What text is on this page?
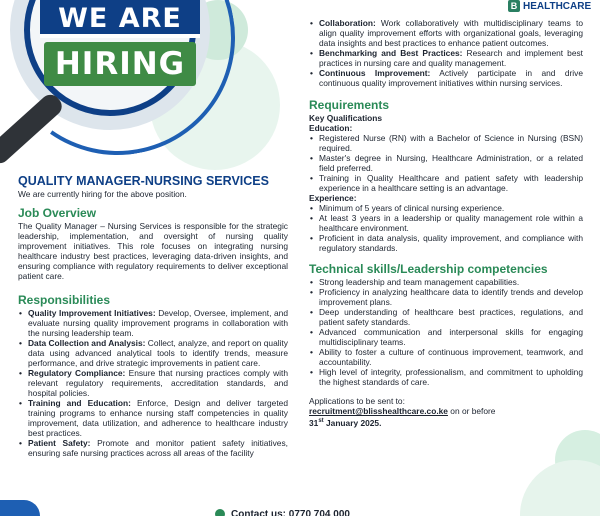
WE ARE
HIRING
B HEALTHCARE
QUALITY MANAGER-NURSING SERVICES

We are currently hiring for the above position.

Job Overview

The Quality Manager – Nursing Services is responsible for the strategic leadership, implementation, and oversight of nursing quality improvement initiatives. This role focuses on integrating nursing healthcare industry best practices, leveraging data-driven insights, and ensuring compliance with regulatory requirements to deliver exceptional patient care.

Responsibilities
• Quality Improvement Initiatives: Develop, Oversee, implement, and evaluate nursing quality improvement programs in collaboration with the nursing leadership team.
• Data Collection and Analysis: Collect, analyze, and report on quality data using advanced analytical tools to identify trends, measure performance, and drive strategic improvements in patient care.
• Regulatory Compliance: Ensure that nursing practices comply with relevant regulatory requirements, accreditation standards, and hospital policies.
• Training and Education: Enforce, Design and deliver targeted training programs to enhance nursing staff competencies in quality improvement, data utilization, and adherence to healthcare industry best practices.
• Patient Safety: Promote and monitor patient safety initiatives, ensuring safe nursing practices across all areas of the facility
• Collaboration: Work collaboratively with multidisciplinary teams to align quality improvement efforts with organizational goals, leveraging data insights and best practices to enhance patient outcomes.
• Benchmarking and Best Practices: Research and implement best practices in nursing care and quality management.
• Continuous Improvement: Actively participate in and drive continuous quality improvement initiatives within nursing services.
Requirements
Key Qualifications
Education:
• Registered Nurse (RN) with a Bachelor of Science in Nursing (BSN) required.
• Master's degree in Nursing, Healthcare Administration, or a related field preferred.
• Training in Quality Healthcare and patient safety with leadership experience in a healthcare setting is an advantage.
Experience:
• Minimum of 5 years of clinical nursing experience.
• At least 3 years in a leadership or quality management role within a healthcare environment.
• Proficient in data analysis, quality improvement, and compliance with regulatory standards.
Technical skills/Leadership competencies
• Strong leadership and team management capabilities.
• Proficiency in analyzing healthcare data to identify trends and develop improvement plans.
• Deep understanding of healthcare best practices, regulations, and patient safety standards.
• Advanced communication and interpersonal skills for engaging multidisciplinary teams.
• Ability to foster a culture of continuous improvement, teamwork, and accountability.
• High level of integrity, professionalism, and commitment to upholding the highest standards of care.

Applications to be sent to:

recruitment@blisshealthcare.co.ke on or before
31st January 2025.

Contact us: 0770 704 000
